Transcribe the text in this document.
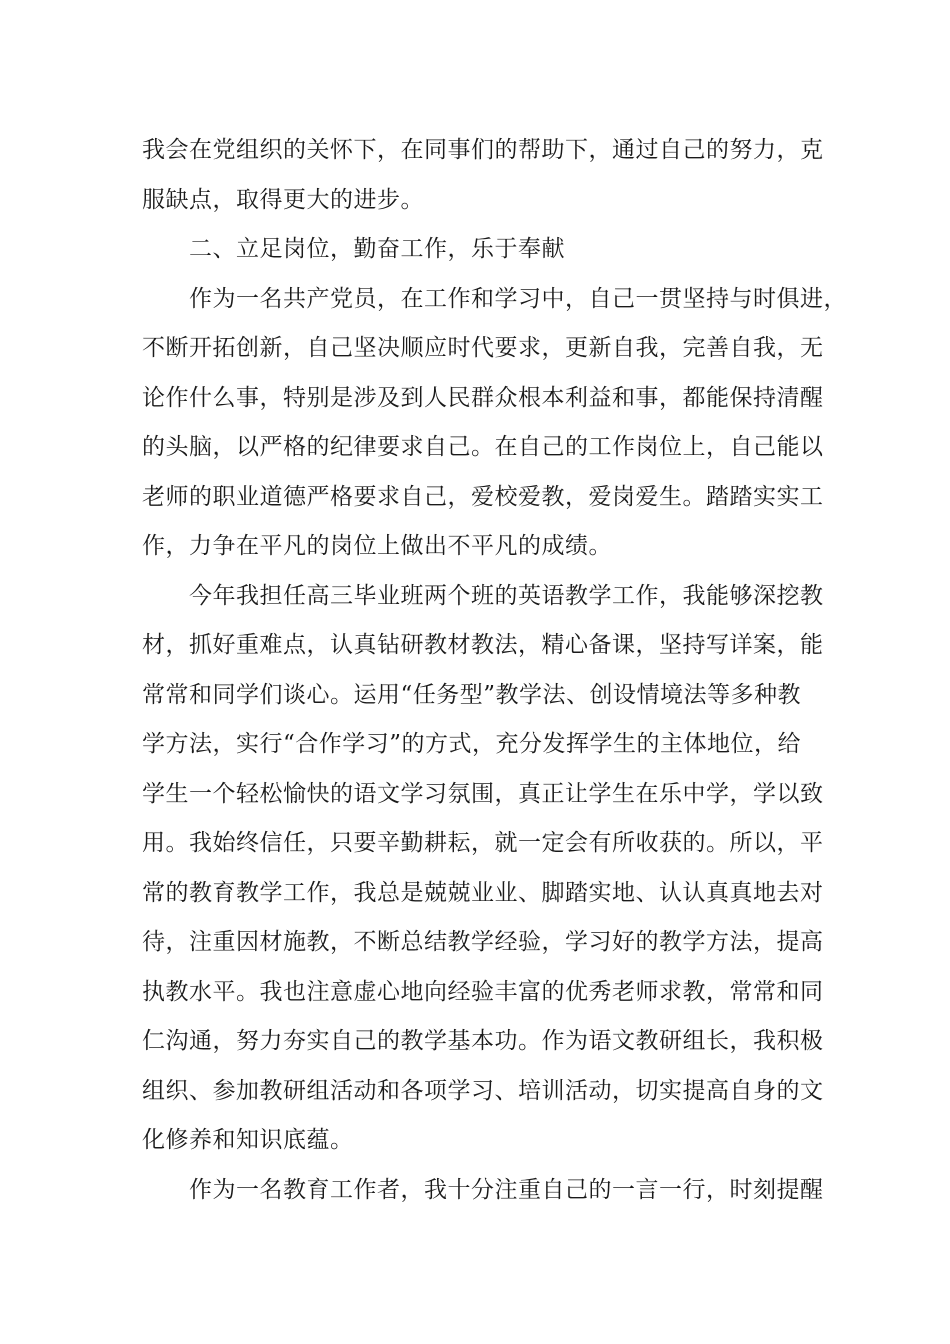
我会在党组织的关怀下，在同事们的帮助下，通过自己的努力，克
服缺点，取得更大的进步。
　　二、立足岗位，勤奋工作，乐于奉献
　　作为一名共产党员，在工作和学习中，自己一贯坚持与时俱进，
不断开拓创新，自己坚决顺应时代要求，更新自我，完善自我，无
论作什么事，特别是涉及到人民群众根本利益和事，都能保持清醒
的头脑，以严格的纪律要求自己。在自己的工作岗位上，自己能以
老师的职业道德严格要求自己，爱校爱教，爱岗爱生。踏踏实实工
作，力争在平凡的岗位上做出不平凡的成绩。
　　今年我担任高三毕业班两个班的英语教学工作，我能够深挖教
材，抓好重难点，认真钻研教材教法，精心备课，坚持写详案，能
常常和同学们谈心。运用“任务型”教学法、创设情境法等多种教
学方法，实行“合作学习”的方式，充分发挥学生的主体地位，给
学生一个轻松愉快的语文学习氛围，真正让学生在乐中学，学以致
用。我始终信任，只要辛勤耕耘，就一定会有所收获的。所以，平
常的教育教学工作，我总是兢兢业业、脚踏实地、认认真真地去对
待，注重因材施教，不断总结教学经验，学习好的教学方法，提高
执教水平。我也注意虚心地向经验丰富的优秀老师求教，常常和同
仁沟通，努力夯实自己的教学基本功。作为语文教研组长，我积极
组织、参加教研组活动和各项学习、培训活动，切实提高自身的文
化修养和知识底蕴。
　　作为一名教育工作者，我十分注重自己的一言一行，时刻提醒
